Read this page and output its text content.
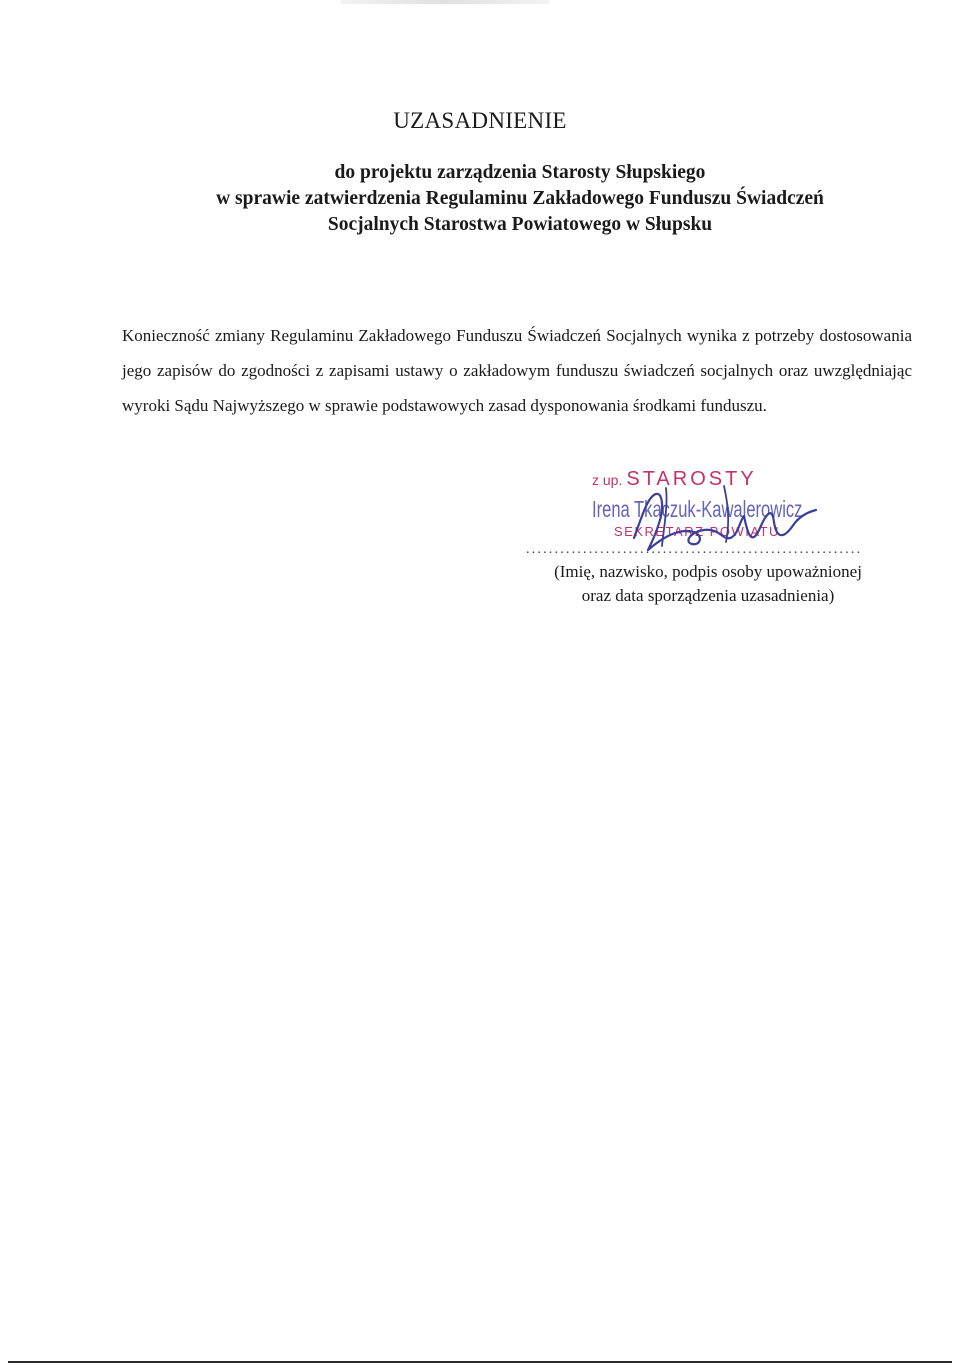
UZASADNIENIE
do projektu zarządzenia Starosty Słupskiego
w sprawie zatwierdzenia Regulaminu Zakładowego Funduszu Świadczeń
Socjalnych Starostwa Powiatowego w Słupsku

Konieczność zmiany Regulaminu Zakładowego Funduszu Świadczeń Socjalnych wynika z potrzeby dostosowania jego zapisów do zgodności z zapisami ustawy o zakładowym funduszu świadczeń socjalnych oraz uwzględniając wyroki Sądu Najwyższego w sprawie podstawowych zasad dysponowania środkami funduszu.

z up. STAROSTY
Irena Tkaczuk-Kawalerowicz
SEKRETARZ POWIATU
...........................................................
(Imię, nazwisko, podpis osoby upoważnionej
oraz data sporządzenia uzasadnienia)
